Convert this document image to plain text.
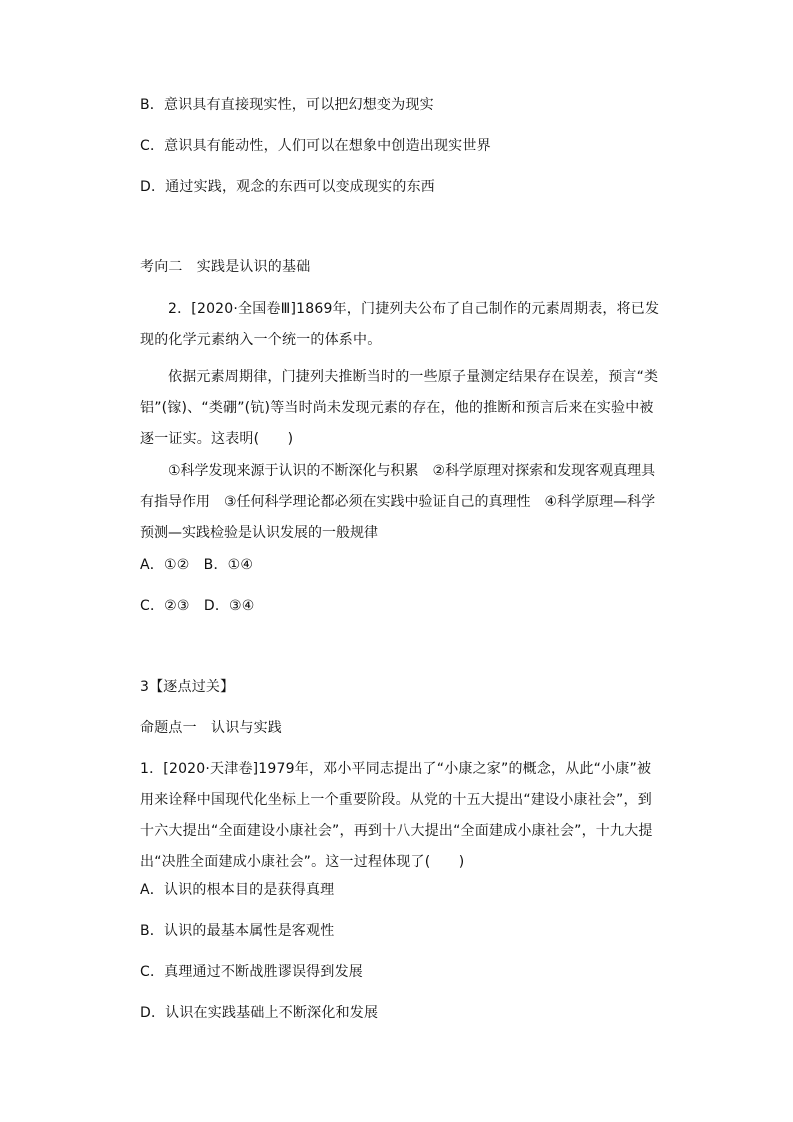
B．意识具有直接现实性，可以把幻想变为现实
C．意识具有能动性，人们可以在想象中创造出现实世界
D．通过实践，观念的东西可以变成现实的东西
考向二　实践是认识的基础
2．[2020·全国卷Ⅲ]1869年，门捷列夫公布了自己制作的元素周期表，将已发现的化学元素纳入一个统一的体系中。
依据元素周期律，门捷列夫推断当时的一些原子量测定结果存在误差，预言“类铝”(镓)、“类硼”(钪)等当时尚未发现元素的存在，他的推断和预言后来在实验中被逐一证实。这表明(　　)
①科学发现来源于认识的不断深化与积累　②科学原理对探索和发现客观真理具有指导作用　③任何科学理论都必须在实践中验证自己的真理性　④科学原理—科学预测—实践检验是认识发展的一般规律
A．①②　B．①④
C．②③　D．③④
3【逐点过关】
命题点一　认识与实践
1．[2020·天津卷]1979年，邓小平同志提出了“小康之家”的概念，从此“小康”被用来诠释中国现代化坐标上一个重要阶段。从党的十五大提出“建设小康社会”，到十六大提出“全面建设小康社会”，再到十八大提出“全面建成小康社会”，十九大提出“决胜全面建成小康社会”。这一过程体现了(　　)
A．认识的根本目的是获得真理
B．认识的最基本属性是客观性
C．真理通过不断战胜谬误得到发展
D．认识在实践基础上不断深化和发展
